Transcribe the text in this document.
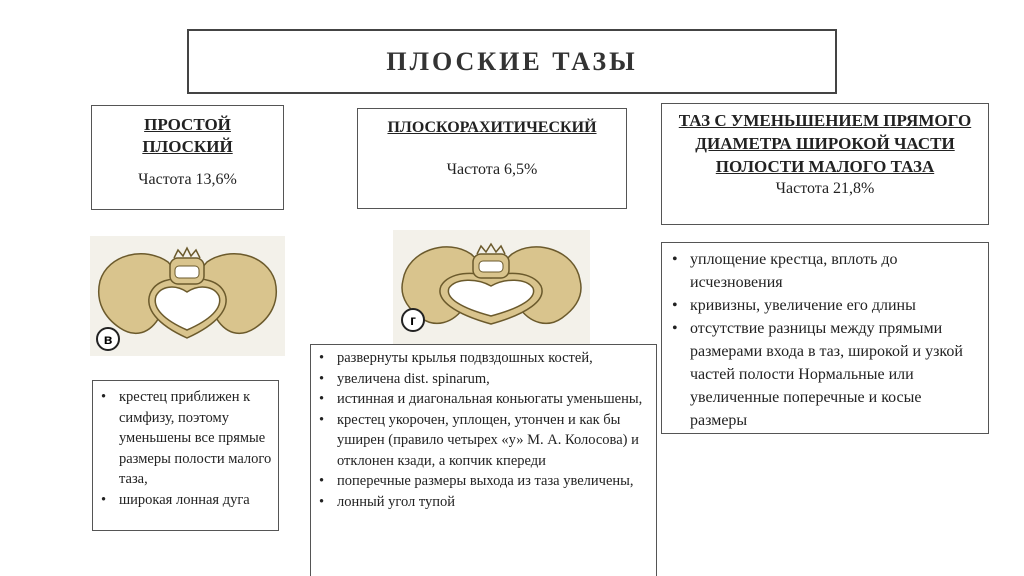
ПЛОСКИЕ ТАЗЫ
ПРОСТОЙ ПЛОСКИЙ
Частота 13,6%
ПЛОСКОРАХИТИЧЕСКИЙ
Частота 6,5%
ТАЗ С УМЕНЬШЕНИЕМ ПРЯМОГО ДИАМЕТРА ШИРОКОЙ ЧАСТИ ПОЛОСТИ МАЛОГО ТАЗА
Частота 21,8%
в
г
• крестец приближен к симфизу, поэтому уменьшены все прямые размеры полости малого таза,
• широкая лонная дуга
• развернуты крылья подвздошных костей,
• увеличена dist. spinarum,
• истинная и диагональная коньюгаты уменьшены,
• крестец укорочен, уплощен, утончен и как бы уширен (правило четырех «у» М. А. Колосова) и отклонен кзади, а копчик кпереди
• поперечные размеры выхода из таза увеличены,
• лонный угол тупой
• уплощение крестца, вплоть до исчезновения
• кривизны, увеличение его длины
• отсутствие разницы между прямыми размерами входа в таз, широкой и узкой частей полости Нормальные или увеличенные поперечные и косые размеры
